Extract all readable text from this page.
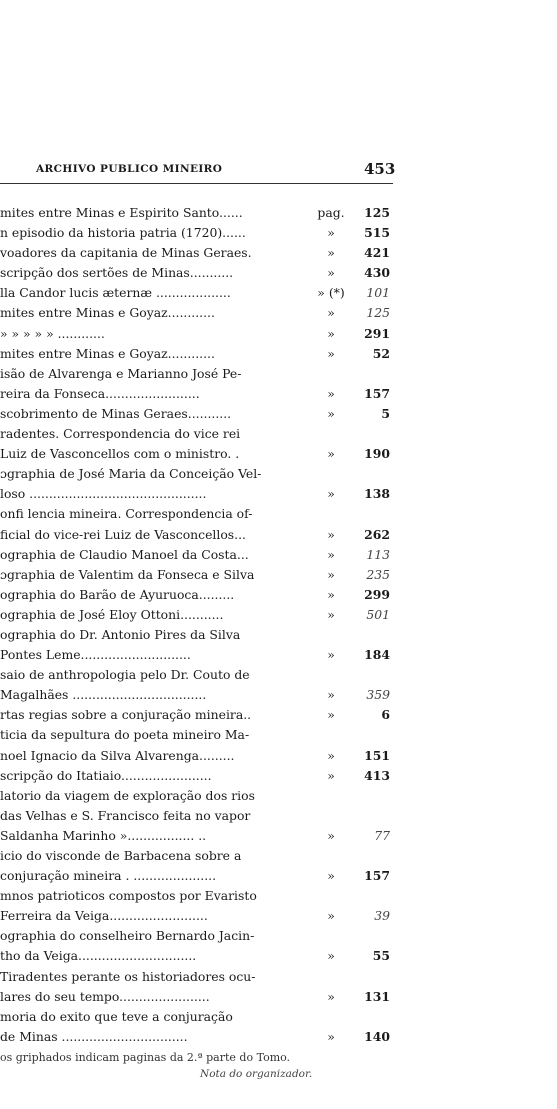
ARCHIVO PUBLICO MINEIRO	453
mites entre Minas e Espirito Santo......	pag.	125
n episodio da historia patria (1720)......	»	515
voadores da capitania de Minas Geraes.	»	421
scripção dos sertões de Minas...........	»	430
lla Candor lucis æternæ ...................	» (*)	101
mites entre Minas e Goyaz............	»	125
» » » » » ............	»	291
mites entre Minas e Goyaz............	»	52
isão de Alvarenga e Marianno José Pe-
reira da Fonseca........................	»	157
scobrimento de Minas Geraes...........	»	5
radentes. Correspondencia do vice rei
Luiz de Vasconcellos com o ministro. .	»	190
ɔgraphia de José Maria da Conceição Vel-
loso .............................................	»	138
onfi lencia mineira. Correspondencia of-
ficial do vice-rei Luiz de Vasconcellos...	»	262
ographia de Claudio Manoel da Costa...	»	113
ɔgraphia de Valentim da Fonseca e Silva	»	235
ographia do Barão de Ayuruoca.........	»	299
ographia de José Eloy Ottoni...........	»	501
ographia do Dr. Antonio Pires da Silva
Pontes Leme............................	»	184
saio de anthropologia pelo Dr. Couto de
Magalhães ..................................	»	359
rtas regias sobre a conjuração mineira..	»	6
ticia da sepultura do poeta mineiro Ma-
noel Ignacio da Silva Alvarenga.........	»	151
scripção do Itatiaio.......................	»	413
latorio da viagem de exploração dos rios
das Velhas e S. Francisco feita no vapor
Saldanha Marinho »................. ..	»	77
icio do visconde de Barbacena sobre a
conjuração mineira . .....................	»	157
mnos patrioticos compostos por Evaristo
Ferreira da Veiga.........................	»	39
ographia do conselheiro Bernardo Jacin-
tho da Veiga..............................	»	55
Tiradentes perante os historiadores ocu-
lares do seu tempo.......................	»	131
moria do exito que teve a conjuração
de Minas ................................	»	140
os griphados indicam paginas da 2.ª parte do Tomo.
Nota do organizador.
